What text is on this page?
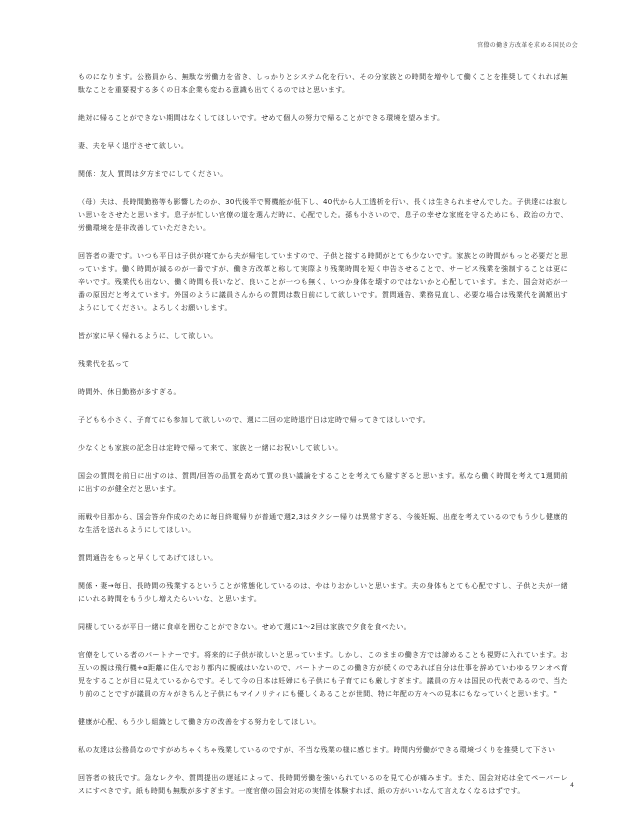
官僚の働き方改革を求める国民の会

ものになります。公務員から、無駄な労働力を省き、しっかりとシステム化を行い、その分家族との時間を増やして働くことを推奨してくれれば無駄なことを重要視する多くの日本企業も変わる意識も出てくるのではと思います。

絶対に帰ることができない期間はなくしてほしいです。せめて個人の努力で帰ることができる環境を望みます。

妻、夫を早く退庁させて欲しい。

関係：友人 質問は夕方までにしてください。

（母）夫は、長時間勤務等も影響したのか、30代後半で腎機能が低下し、40代から人工透析を行い、長くは生きられませんでした。子供達には寂しい思いをさせたと思います。息子が忙しい官僚の道を選んだ時に、心配でした。孫も小さいので、息子の幸せな家庭を守るためにも、政治の力で、労働環境を是非改善していただきたい。

回答者の妻です。いつも平日は子供が寝てから夫が帰宅していますので、子供と接する時間がとても少ないです。家族との時間がもっと必要だと思っています。働く時間が減るのが一番ですが、働き方改革と称して実際より残業時間を短く申告させることで、サービス残業を強制することは更に辛いです。残業代も出ない、働く時間も長いなど、良いことが一つも無く、いつか身体を壊すのではないかと心配しています。また、国会対応が一番の原因だと考えています。外国のように議員さんからの質問は数日前にして欲しいです。質問通告、業務見直し、必要な場合は残業代を満額出すようにしてください。よろしくお願いします。

皆が家に早く帰れるように、して欲しい。

残業代を払って

時間外、休日勤務が多すぎる。

子どもも小さく、子育てにも参加して欲しいので、週に二回の定時退庁日は定時で帰ってきてほしいです。

少なくとも家族の記念日は定時で帰って来て、家族と一緒にお祝いして欲しい。

国会の質問を前日に出すのは、質問/回答の品質を高めて質の良い議論をすることを考えても避すぎると思います。私なら働く時間を考えて1週間前に出すのが健全だと思います。

雨戦や目那から、国会答弁作成のために毎日終電帰りが普通で週2,3はタクシー帰りは異常すぎる、今後妊娠、出産を考えているのでもう少し健康的な生活を送れるようにしてほしい。

質問通告をもっと早くしてあげてほしい。

関係・妻→毎日、長時間の残業するということが常態化しているのは、やはりおかしいと思います。夫の身体もとても心配ですし、子供と夫が一緒にいれる時間をもう少し増えたらいいな、と思います。

同棲しているが平日一緒に食卓を囲むことができない。せめて週に1〜2回は家族で夕食を食べたい。

官僚をしている者のパートナーです。将来的に子供が欲しいと思っています。しかし、このままの働き方では諦めることも視野に入れています。お互いの親は飛行機+α距離に住んでおり都内に親戚はいないので、パートナーのこの働き方が続くのであれば自分は仕事を辞めていわゆるワンオペ育児をすることが目に見えているからです。そして今の日本は妊婦にも子供にも子育てにも厳しすぎます。議員の方々は国民の代表であるので、当たり前のことですが議員の方々がきちんと子供にもマイノリティにも優しくあることが世間、特に年配の方々への見本にもなっていくと思います。"

健康が心配、もう少し組織として働き方の改善をする努力をしてほしい。

私の友達は公務員なのですがめちゃくちゃ残業しているのですが、不当な残業の様に感じます。時間内労働ができる環境づくりを推奨して下さい

回答者の彼氏です。急なレクや、質問提出の遅延によって、長時間労働を強いられているのを見て心が痛みます。また、国会対応は全てペーパーレスにすべきです。紙も時間も無駄が多すぎます。一度官僚の国会対応の実情を体験すれば、紙の方がいいなんて言えなくなるはずです。

4
